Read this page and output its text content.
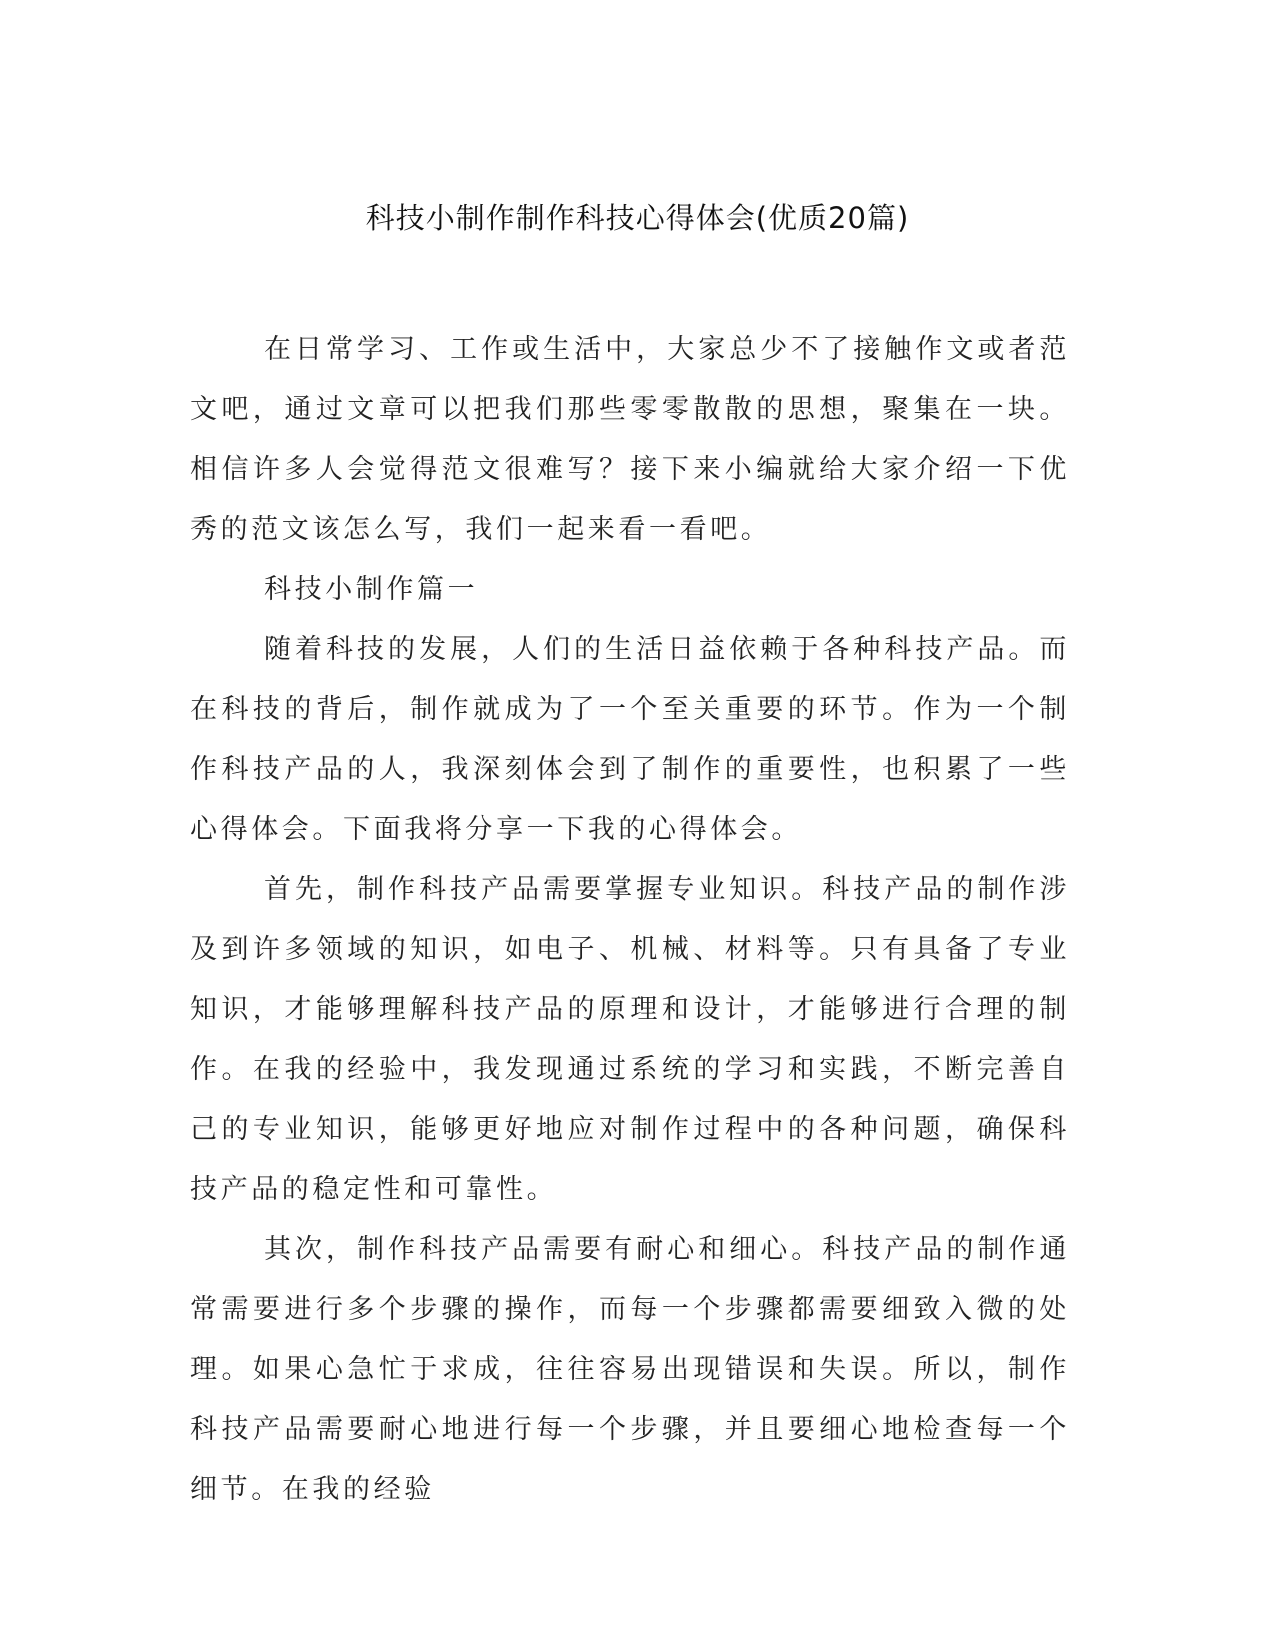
科技小制作制作科技心得体会(优质20篇)

在日常学习、工作或生活中，大家总少不了接触作文或者范文吧，通过文章可以把我们那些零零散散的思想，聚集在一块。相信许多人会觉得范文很难写？接下来小编就给大家介绍一下优秀的范文该怎么写，我们一起来看一看吧。

科技小制作篇一

随着科技的发展，人们的生活日益依赖于各种科技产品。而在科技的背后，制作就成为了一个至关重要的环节。作为一个制作科技产品的人，我深刻体会到了制作的重要性，也积累了一些心得体会。下面我将分享一下我的心得体会。

首先，制作科技产品需要掌握专业知识。科技产品的制作涉及到许多领域的知识，如电子、机械、材料等。只有具备了专业知识，才能够理解科技产品的原理和设计，才能够进行合理的制作。在我的经验中，我发现通过系统的学习和实践，不断完善自己的专业知识，能够更好地应对制作过程中的各种问题，确保科技产品的稳定性和可靠性。

其次，制作科技产品需要有耐心和细心。科技产品的制作通常需要进行多个步骤的操作，而每一个步骤都需要细致入微的处理。如果心急忙于求成，往往容易出现错误和失误。所以，制作科技产品需要耐心地进行每一个步骤，并且要细心地检查每一个细节。在我的经验
